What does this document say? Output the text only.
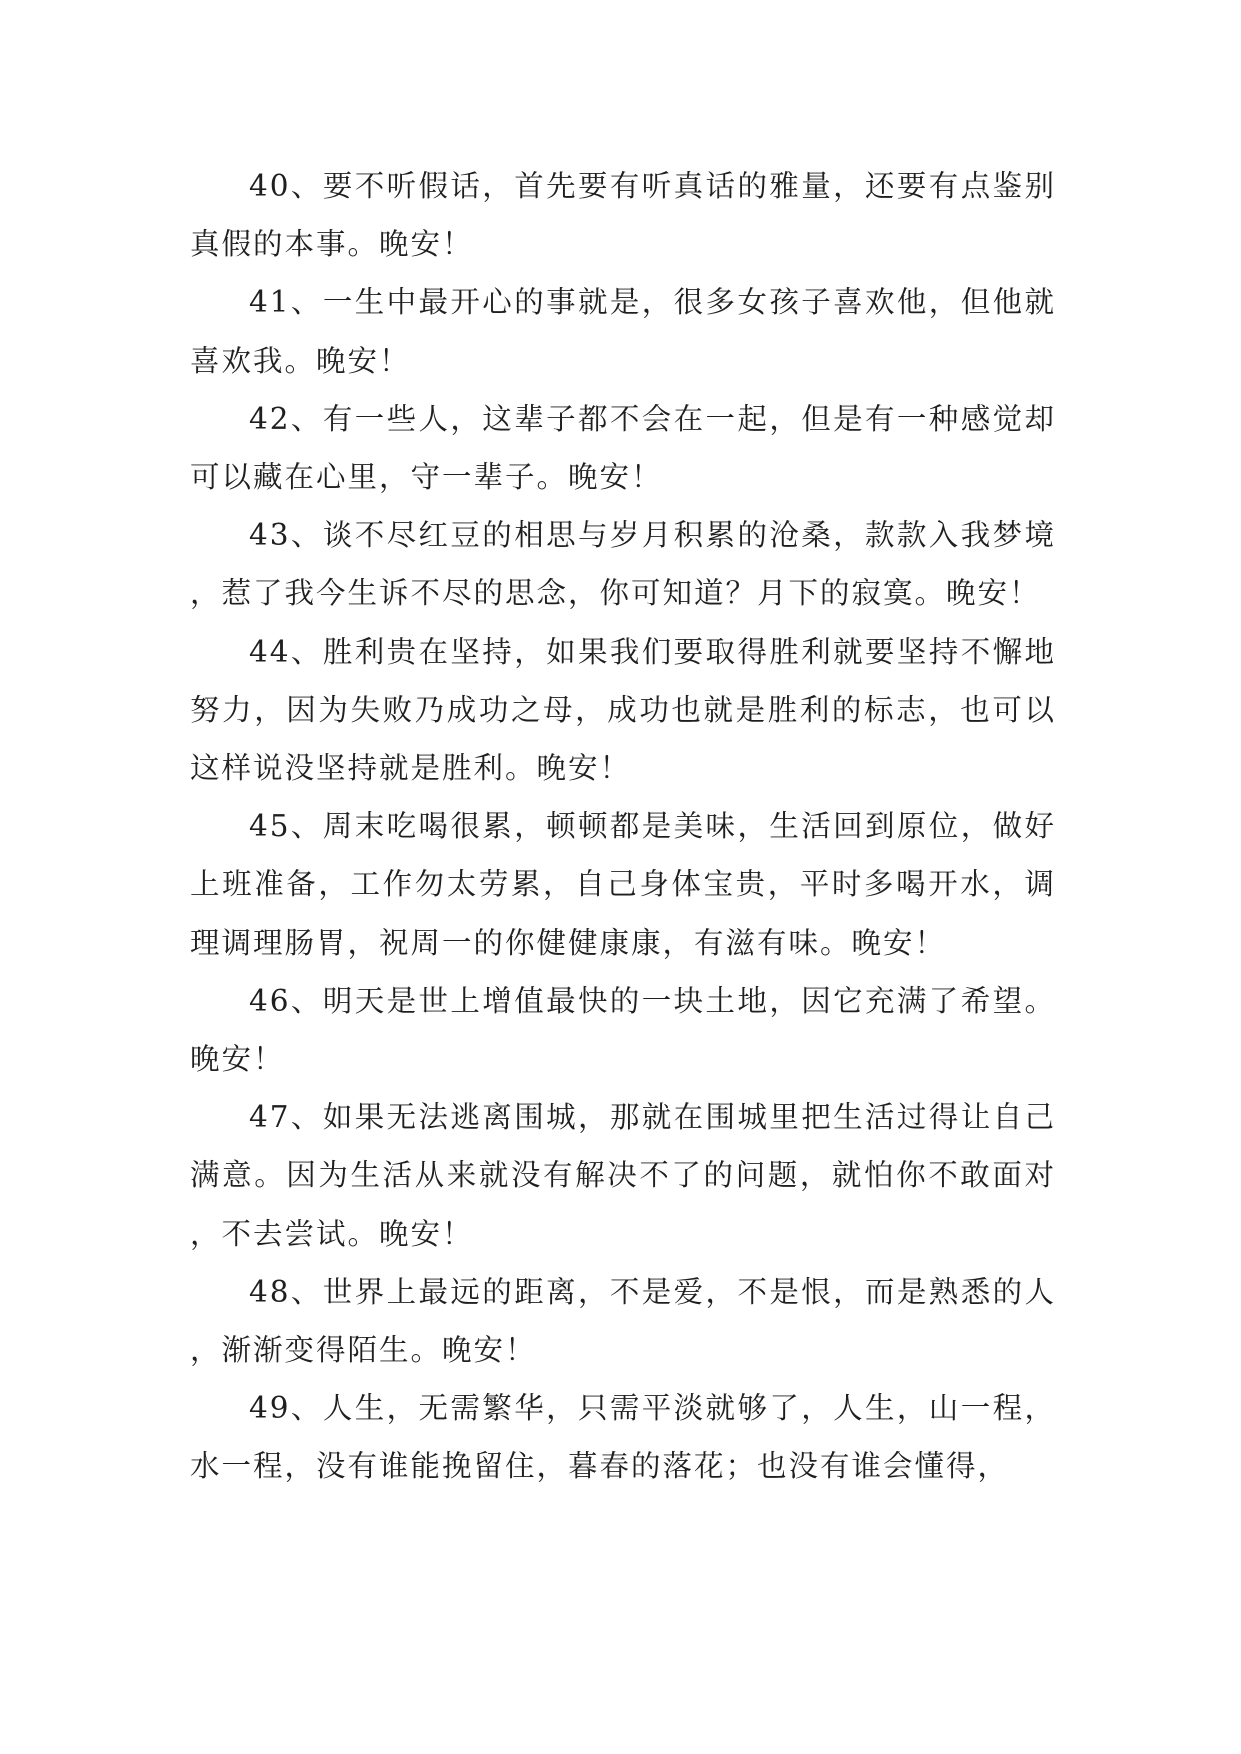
40、要不听假话，首先要有听真话的雅量，还要有点鉴别真假的本事。晚安！

41、一生中最开心的事就是，很多女孩子喜欢他，但他就喜欢我。晚安！

42、有一些人，这辈子都不会在一起，但是有一种感觉却可以藏在心里，守一辈子。晚安！

43、谈不尽红豆的相思与岁月积累的沧桑，款款入我梦境，惹了我今生诉不尽的思念，你可知道？月下的寂寞。晚安！

44、胜利贵在坚持，如果我们要取得胜利就要坚持不懈地努力，因为失败乃成功之母，成功也就是胜利的标志，也可以这样说没坚持就是胜利。晚安！

45、周末吃喝很累，顿顿都是美味，生活回到原位，做好上班准备，工作勿太劳累，自己身体宝贵，平时多喝开水，调理调理肠胃，祝周一的你健健康康，有滋有味。晚安！

46、明天是世上增值最快的一块土地，因它充满了希望。晚安！

47、如果无法逃离围城，那就在围城里把生活过得让自己满意。因为生活从来就没有解决不了的问题，就怕你不敢面对，不去尝试。晚安！

48、世界上最远的距离，不是爱，不是恨，而是熟悉的人，渐渐变得陌生。晚安！

49、人生，无需繁华，只需平淡就够了，人生，山一程，水一程，没有谁能挽留住，暮春的落花；也没有谁会懂得，
